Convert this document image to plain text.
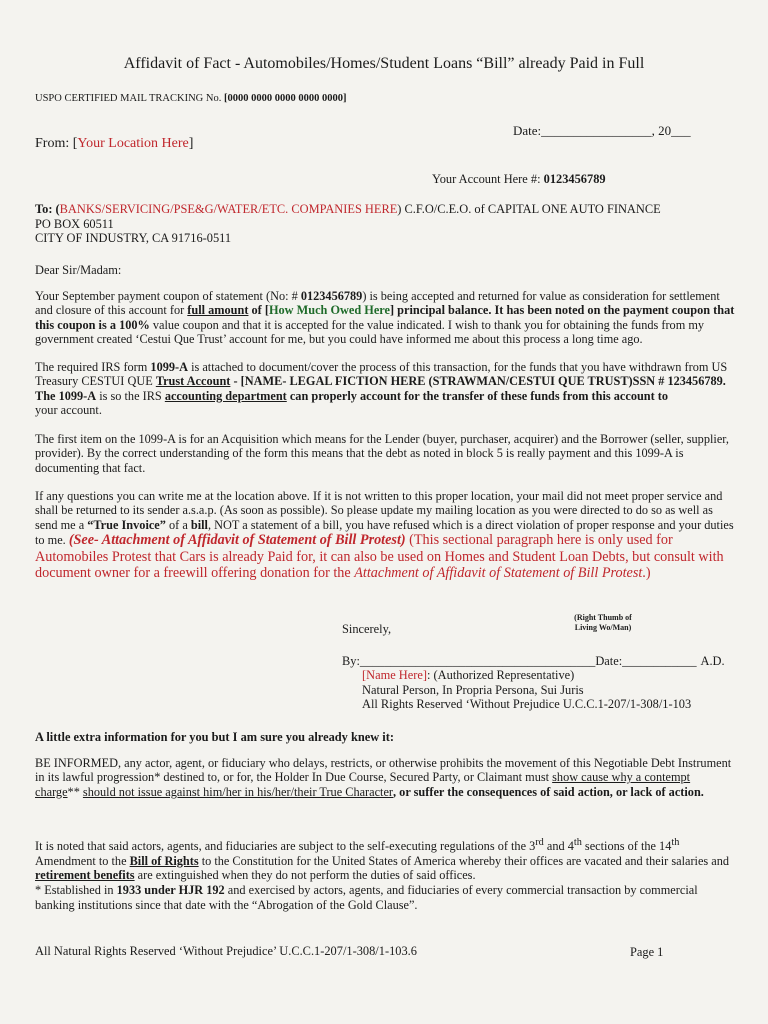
Affidavit of Fact - Automobiles/Homes/Student Loans “Bill” already Paid in Full
USPO CERTIFIED MAIL TRACKING No. [0000 0000 0000 0000 0000]
Date:_________________, 20___
From: [Your Location Here]
Your Account Here #: 0123456789
To: (BANKS/SERVICING/PSE&G/WATER/ETC. COMPANIES HERE) C.F.O/C.E.O. of CAPITAL ONE AUTO FINANCE
PO BOX 60511
CITY OF INDUSTRY, CA 91716-0511
Dear Sir/Madam:
Your September payment coupon of statement (No: # 0123456789) is being accepted and returned for value as consideration for settlement and closure of this account for full amount of [How Much Owed Here] principal balance. It has been noted on the payment coupon that this coupon is a 100% value coupon and that it is accepted for the value indicated. I wish to thank you for obtaining the funds from my government created ‘Cestui Que Trust’ account for me, but you could have informed me about this process a long time ago.
The required IRS form 1099-A is attached to document/cover the process of this transaction, for the funds that you have withdrawn from US Treasury CESTUI QUE Trust Account - [NAME- LEGAL FICTION HERE (STRAWMAN/CESTUI QUE TRUST)SSN # 123456789. The 1099-A is so the IRS accounting department can properly account for the transfer of these funds from this account to
your account.
The first item on the 1099-A is for an Acquisition which means for the Lender (buyer, purchaser, acquirer) and the Borrower (seller, supplier, provider). By the correct understanding of the form this means that the debt as noted in block 5 is really payment and this 1099-A is documenting that fact.
If any questions you can write me at the location above. If it is not written to this proper location, your mail did not meet proper service and shall be returned to its sender a.s.a.p. (As soon as possible). So please update my mailing location as you were directed to do so as well as send me a “True Invoice” of a bill, NOT a statement of a bill, you have refused which is a direct violation of proper response and your duties to me. (See- Attachment of Affidavit of Statement of Bill Protest) (This sectional paragraph here is only used for Automobiles Protest that Cars is already Paid for, it can also be used on Homes and Student Loan Debts, but consult with document owner for a freewill offering donation for the Attachment of Affidavit of Statement of Bill Protest.)
(Right Thumb of
Living Wo/Man)
Sincerely,
By:______________________________________Date:____________ A.D.
[Name Here]: (Authorized Representative)
Natural Person, In Propria Persona, Sui Juris
All Rights Reserved ‘Without Prejudice U.C.C.1-207/1-308/1-103
A little extra information for you but I am sure you already knew it:
BE INFORMED, any actor, agent, or fiduciary who delays, restricts, or otherwise prohibits the movement of this Negotiable Debt Instrument in its lawful progression* destined to, or for, the Holder In Due Course, Secured Party, or Claimant must show cause why a contempt charge** should not issue against him/her in his/her/their True Character, or suffer the consequences of said action, or lack of action.
It is noted that said actors, agents, and fiduciaries are subject to the self-executing regulations of the 3rd and 4th sections of the 14th Amendment to the Bill of Rights to the Constitution for the United States of America whereby their offices are vacated and their salaries and retirement benefits are extinguished when they do not perform the duties of said offices.
* Established in 1933 under HJR 192 and exercised by actors, agents, and fiduciaries of every commercial transaction by commercial banking institutions since that date with the “Abrogation of the Gold Clause”.
All Natural Rights Reserved ‘Without Prejudice’ U.C.C.1-207/1-308/1-103.6	Page 1
